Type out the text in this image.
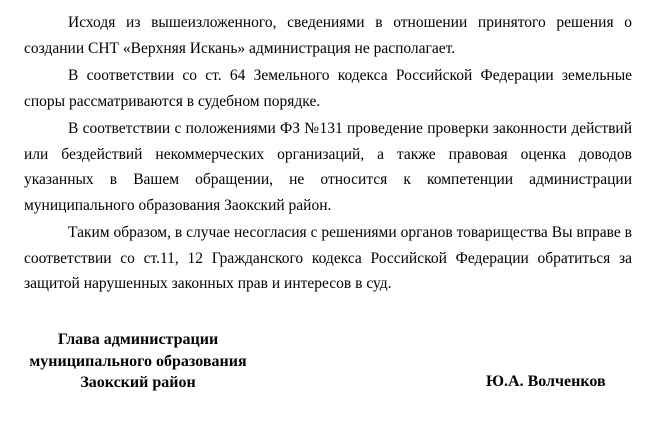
Исходя из вышеизложенного, сведениями в отношении принятого решения о создании СНТ «Верхняя Искань» администрация не располагает.

В соответствии со ст. 64 Земельного кодекса Российской Федерации земельные споры рассматриваются в судебном порядке.

В соответствии с положениями ФЗ №131 проведение проверки законности действий или бездействий некоммерческих организаций, а также правовая оценка доводов указанных в Вашем обращении, не относится к компетенции администрации муниципального образования Заокский район.

Таким образом, в случае несогласия с решениями органов товарищества Вы вправе в соответствии со ст.11, 12 Гражданского кодекса Российской Федерации обратиться за защитой нарушенных законных прав и интересов в суд.

Глава администрации
муниципального образования
Заокский район	Ю.А. Волченков
